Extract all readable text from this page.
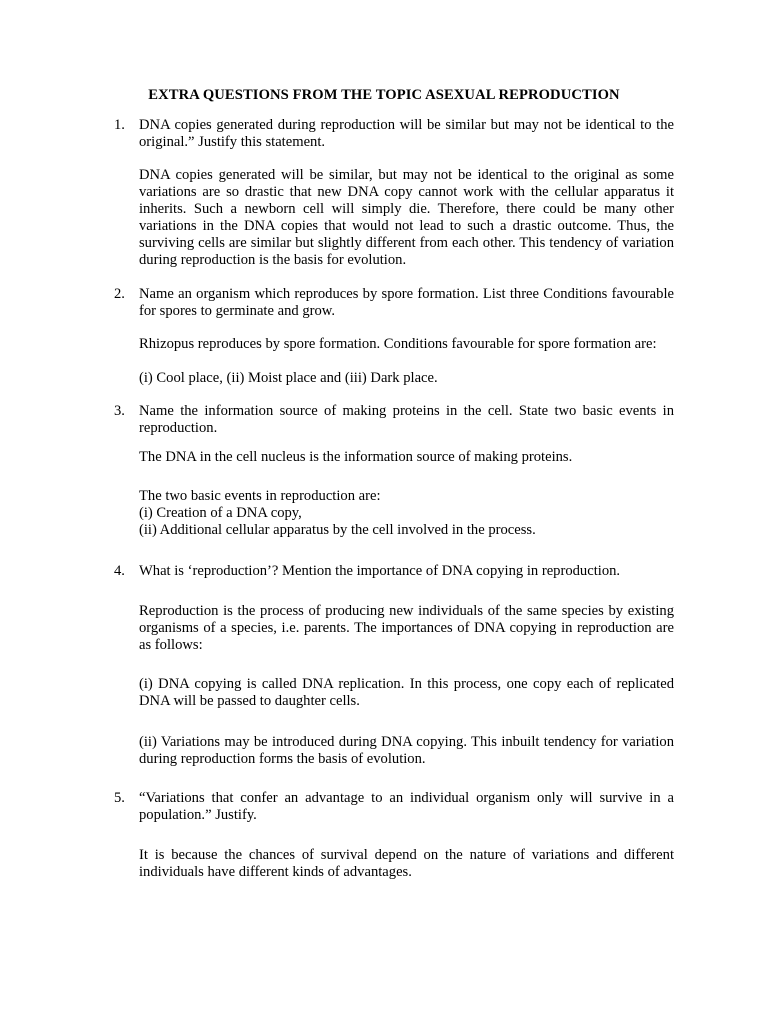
EXTRA QUESTIONS FROM THE TOPIC ASEXUAL REPRODUCTION
1. DNA copies generated during reproduction will be similar but may not be identical to the original.” Justify this statement.
DNA copies generated will be similar, but may not be identical to the original as some variations are so drastic that new DNA copy cannot work with the cellular apparatus it inherits. Such a newborn cell will simply die. Therefore, there could be many other variations in the DNA copies that would not lead to such a drastic outcome. Thus, the surviving cells are similar but slightly different from each other. This tendency of variation during reproduction is the basis for evolution.
2. Name an organism which reproduces by spore formation. List three Conditions favourable for spores to germinate and grow.
Rhizopus reproduces by spore formation. Conditions favourable for spore formation are:
(i) Cool place, (ii) Moist place and (iii) Dark place.
3. Name the information source of making proteins in the cell. State two basic events in reproduction.
The DNA in the cell nucleus is the information source of making proteins.
The two basic events in reproduction are:
(i) Creation of a DNA copy,
(ii) Additional cellular apparatus by the cell involved in the process.
4. What is ‘reproduction’? Mention the importance of DNA copying in reproduction.
Reproduction is the process of producing new individuals of the same species by existing organisms of a species, i.e. parents. The importances of DNA copying in reproduction are as follows:
(i) DNA copying is called DNA replication. In this process, one copy each of replicated DNA will be passed to daughter cells.
(ii) Variations may be introduced during DNA copying. This inbuilt tendency for variation during reproduction forms the basis of evolution.
5. “Variations that confer an advantage to an individual organism only will survive in a population.” Justify.
It is because the chances of survival depend on the nature of variations and different individuals have different kinds of advantages.
